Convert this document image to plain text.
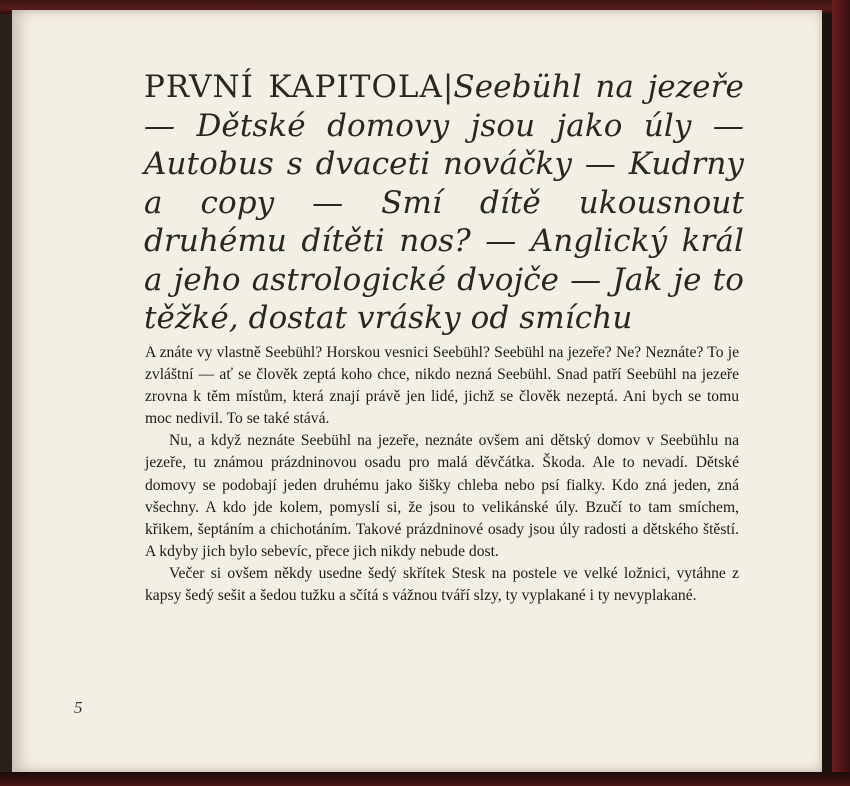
PRVNÍ KAPITOLA|Seebühl na jezeře — Dětské domovy jsou jako úly — Autobus s dvaceti nováčky — Kudrny a copy — Smí dítě ukousnout druhému dítěti nos? — Anglický král a jeho astrologické dvojče — Jak je to těžké, dostat vrásky od smíchu

A znáte vy vlastně Seebühl? Horskou vesnici Seebühl? Seebühl na jezeře? Ne? Neznáte? To je zvláštní — ať se člověk zeptá koho chce, nikdo nezná Seebühl. Snad patří Seebühl na jezeře zrovna k těm místům, která znají právě jen lidé, jichž se člověk nezeptá. Ani bych se tomu moc nedivil. To se také stává.

Nu, a když neznáte Seebühl na jezeře, neznáte ovšem ani dětský domov v Seebühlu na jezeře, tu známou prázdninovou osadu pro malá děvčátka. Škoda. Ale to nevadí. Dětské domovy se podobají jeden druhému jako šišky chleba nebo psí fialky. Kdo zná jeden, zná všechny. A kdo jde kolem, pomyslí si, že jsou to velikánské úly. Bzučí to tam smíchem, křikem, šeptáním a chichotáním. Takové prázdninové osady jsou úly radosti a dětského štěstí. A kdyby jich bylo sebevíc, přece jich nikdy nebude dost.

Večer si ovšem někdy usedne šedý skřítek Stesk na postele ve velké ložnici, vytáhne z kapsy šedý sešit a šedou tužku a sčítá s vážnou tváří slzy, ty vyplakané i ty nevyplakané.

5
